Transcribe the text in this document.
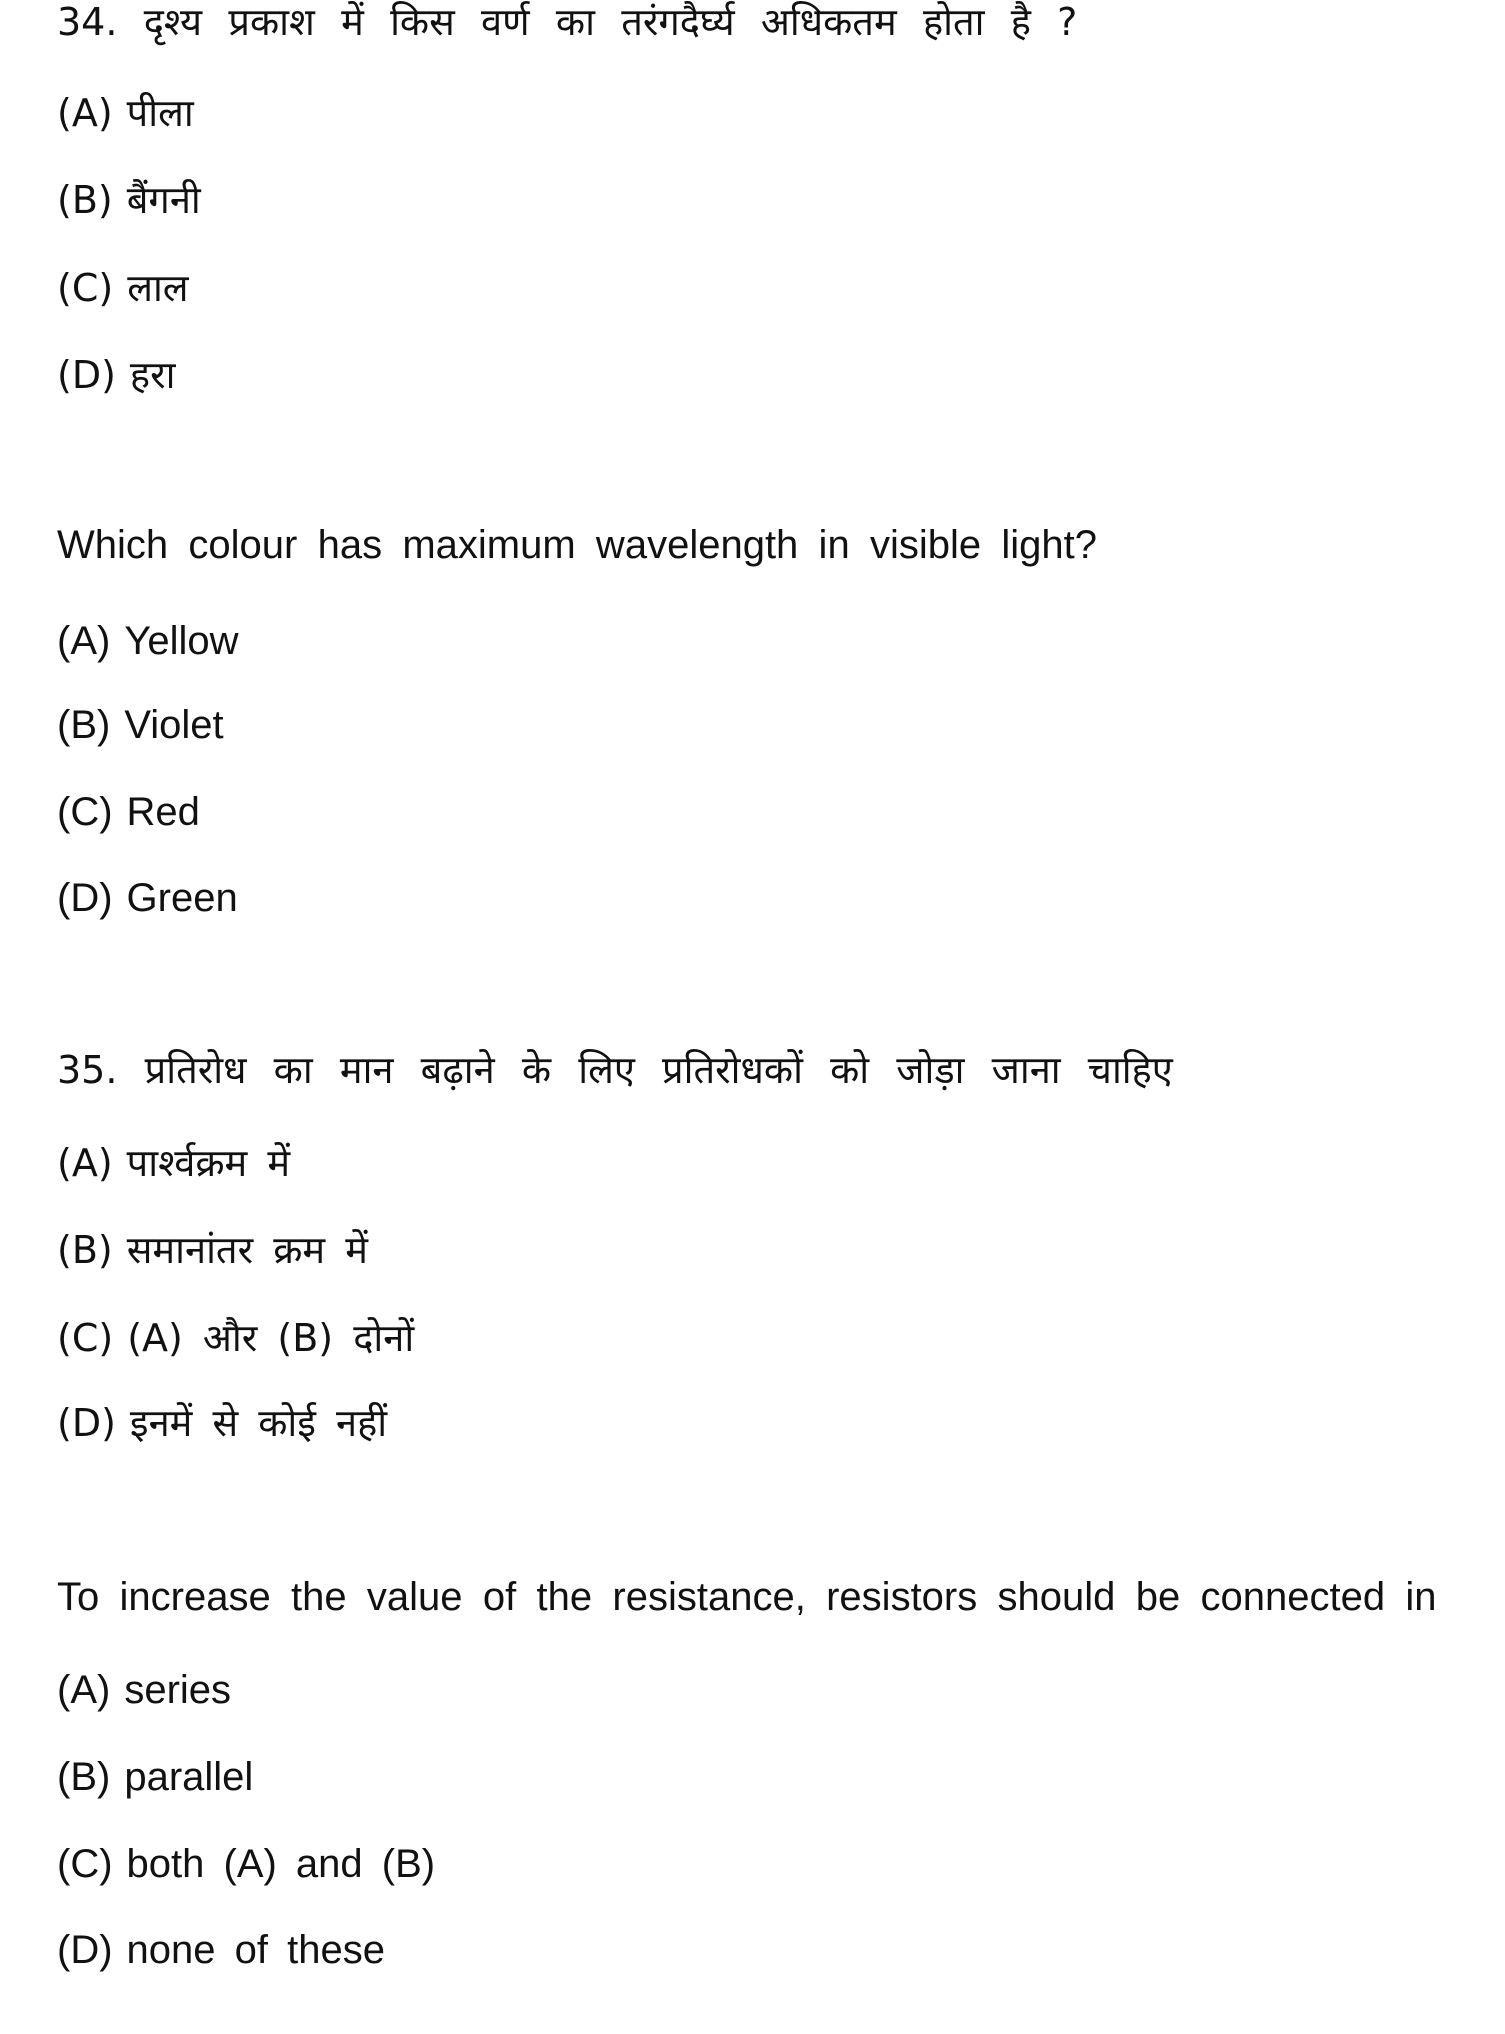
34. दृश्य प्रकाश में किस वर्ण का तरंगदैर्घ्य अधिकतम होता है ?
(A) पीला
(B) बैंगनी
(C) लाल
(D) हरा
Which colour has maximum wavelength in visible light?
(A) Yellow
(B) Violet
(C) Red
(D) Green
35. प्रतिरोध का मान बढ़ाने के लिए प्रतिरोधकों को जोड़ा जाना चाहिए
(A) पार्श्वक्रम में
(B) समानांतर क्रम में
(C) (A) और (B) दोनों
(D) इनमें से कोई नहीं
To increase the value of the resistance, resistors should be connected in
(A) series
(B) parallel
(C) both (A) and (B)
(D) none of these
